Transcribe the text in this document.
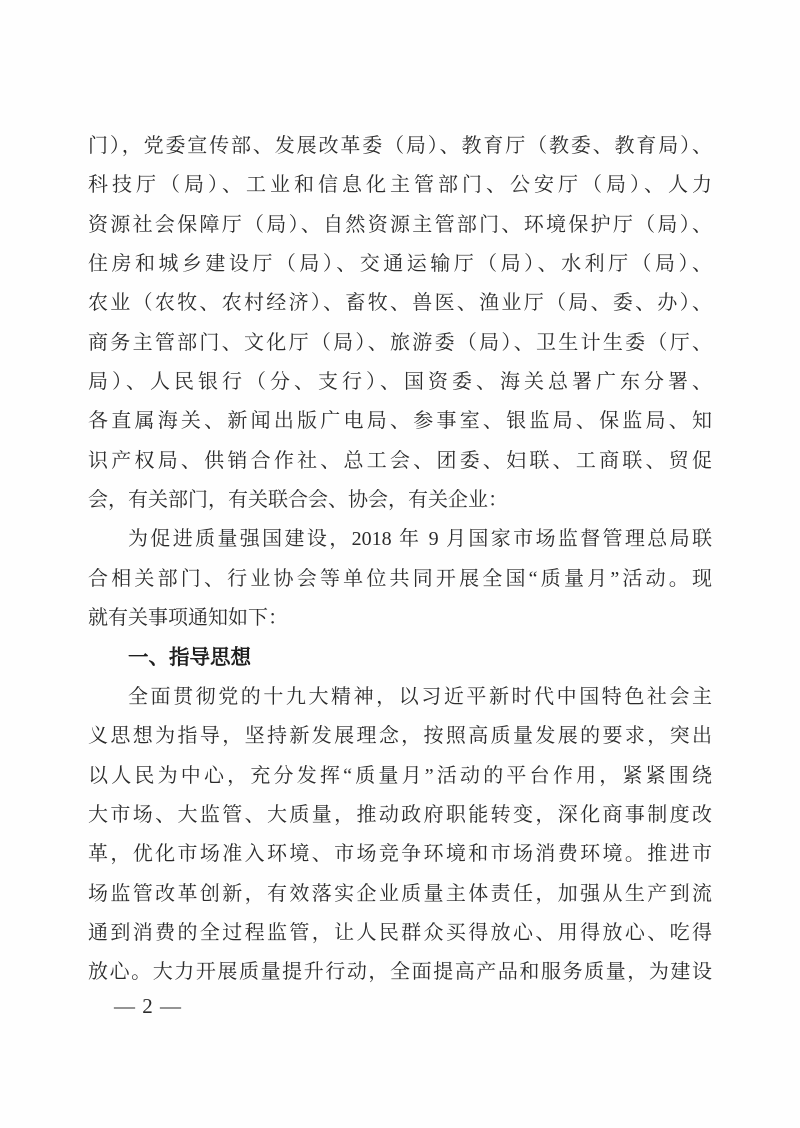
门），党委宣传部、发展改革委（局）、教育厅（教委、教育局）、
科技厅（局）、工业和信息化主管部门、公安厅（局）、人力
资源社会保障厅（局）、自然资源主管部门、环境保护厅（局）、
住房和城乡建设厅（局）、交通运输厅（局）、水利厅（局）、
农业（农牧、农村经济）、畜牧、兽医、渔业厅（局、委、办）、
商务主管部门、文化厅（局）、旅游委（局）、卫生计生委（厅、
局）、人民银行（分、支行）、国资委、海关总署广东分署、
各直属海关、新闻出版广电局、参事室、银监局、保监局、知
识产权局、供销合作社、总工会、团委、妇联、工商联、贸促
会，有关部门，有关联合会、协会，有关企业：
为促进质量强国建设，2018 年 9 月国家市场监督管理总局联
合相关部门、行业协会等单位共同开展全国“质量月”活动。现
就有关事项通知如下：
一、指导思想
全面贯彻党的十九大精神，以习近平新时代中国特色社会主
义思想为指导，坚持新发展理念，按照高质量发展的要求，突出
以人民为中心，充分发挥“质量月”活动的平台作用，紧紧围绕
大市场、大监管、大质量，推动政府职能转变，深化商事制度改
革，优化市场准入环境、市场竞争环境和市场消费环境。推进市
场监管改革创新，有效落实企业质量主体责任，加强从生产到流
通到消费的全过程监管，让人民群众买得放心、用得放心、吃得
放心。大力开展质量提升行动，全面提高产品和服务质量，为建设
— 2 —
